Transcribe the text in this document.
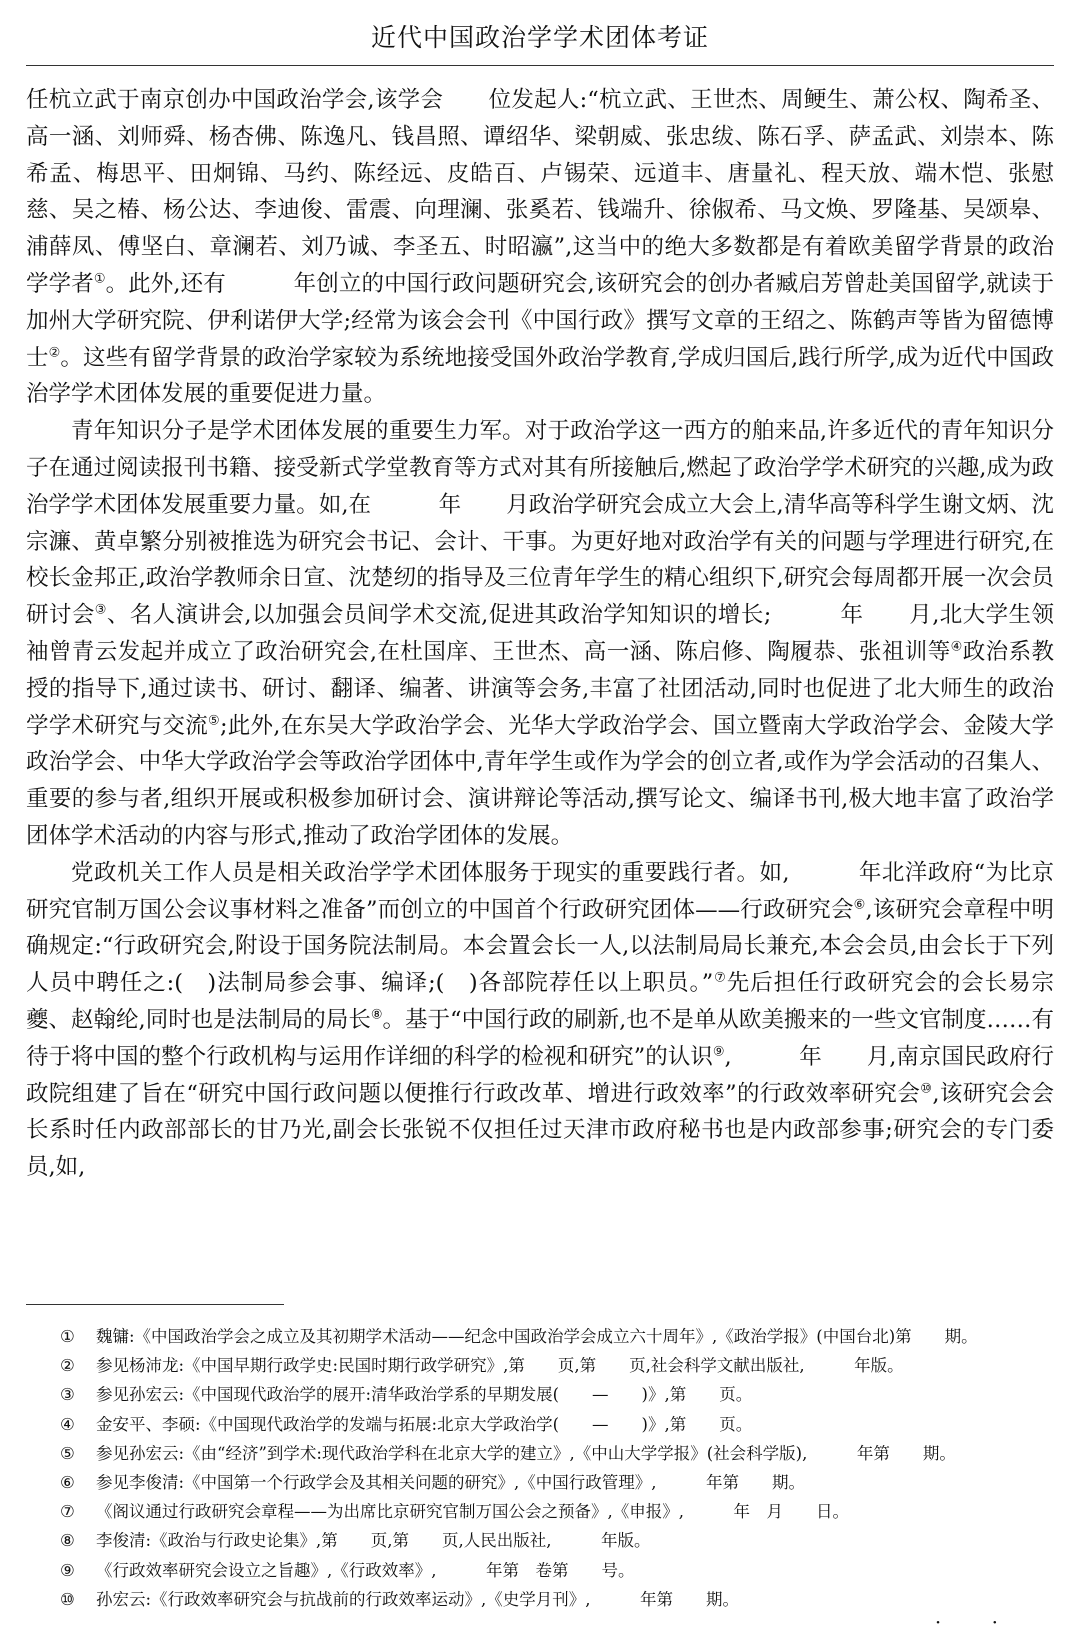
近代中国政治学学术团体考证

任杭立武于南京创办中国政治学会,该学会　　位发起人:“杭立武、王世杰、周鲠生、萧公权、陶希圣、高一涵、刘师舜、杨杏佛、陈逸凡、钱昌照、谭绍华、梁朝威、张忠绂、陈石孚、萨孟武、刘崇本、陈希孟、梅思平、田炯锦、马约、陈经远、皮皓百、卢锡荣、远道丰、唐量礼、程天放、端木恺、张慰慈、吴之椿、杨公达、李迪俊、雷震、向理澜、张奚若、钱端升、徐俶希、马文焕、罗隆基、吴颂皋、浦薛凤、傅坚白、章澜若、刘乃诚、李圣五、时昭瀛”,这当中的绝大多数都是有着欧美留学背景的政治学学者①。此外,还有　　　年创立的中国行政问题研究会,该研究会的创办者臧启芳曾赴美国留学,就读于加州大学研究院、伊利诺伊大学;经常为该会会刊《中国行政》撰写文章的王绍之、陈鹤声等皆为留德博士②。这些有留学背景的政治学家较为系统地接受国外政治学教育,学成归国后,践行所学,成为近代中国政治学学术团体发展的重要促进力量。

青年知识分子是学术团体发展的重要生力军。对于政治学这一西方的舶来品,许多近代的青年知识分子在通过阅读报刊书籍、接受新式学堂教育等方式对其有所接触后,燃起了政治学学术研究的兴趣,成为政治学学术团体发展重要力量。如,在　　　年　　月政治学研究会成立大会上,清华高等科学生谢文炳、沈宗濂、黄卓繁分别被推选为研究会书记、会计、干事。为更好地对政治学有关的问题与学理进行研究,在校长金邦正,政治学教师余日宣、沈楚纫的指导及三位青年学生的精心组织下,研究会每周都开展一次会员研讨会③、名人演讲会,以加强会员间学术交流,促进其政治学知知识的增长;　　　年　　月,北大学生领袖曾青云发起并成立了政治研究会,在杜国庠、王世杰、高一涵、陈启修、陶履恭、张祖训等④政治系教授的指导下,通过读书、研讨、翻译、编著、讲演等会务,丰富了社团活动,同时也促进了北大师生的政治学学术研究与交流⑤;此外,在东吴大学政治学会、光华大学政治学会、国立暨南大学政治学会、金陵大学政治学会、中华大学政治学会等政治学团体中,青年学生或作为学会的创立者,或作为学会活动的召集人、重要的参与者,组织开展或积极参加研讨会、演讲辩论等活动,撰写论文、编译书刊,极大地丰富了政治学团体学术活动的内容与形式,推动了政治学团体的发展。

党政机关工作人员是相关政治学学术团体服务于现实的重要践行者。如,　　　年北洋政府“为比京研究官制万国公会议事材料之准备”而创立的中国首个行政研究团体——行政研究会⑥,该研究会章程中明确规定:“行政研究会,附设于国务院法制局。本会置会长一人,以法制局局长兼充,本会会员,由会长于下列人员中聘任之:(　)法制局参会事、编译;(　)各部院荐任以上职员。”⑦先后担任行政研究会的会长易宗夔、赵翰纶,同时也是法制局的局长⑧。基于“中国行政的刷新,也不是单从欧美搬来的一些文官制度……有待于将中国的整个行政机构与运用作详细的科学的检视和研究”的认识⑨,　　　年　　月,南京国民政府行政院组建了旨在“研究中国行政问题以便推行行政改革、增进行政效率”的行政效率研究会⑩,该研究会会长系时任内政部部长的甘乃光,副会长张锐不仅担任过天津市政府秘书也是内政部参事;研究会的专门委员,如,

① 魏镛:《中国政治学会之成立及其初期学术活动——纪念中国政治学会成立六十周年》,《政治学报》(中国台北)第　　期。
② 参见杨沛龙:《中国早期行政学史:民国时期行政学研究》,第　　页,第　　页,社会科学文献出版社,　　　年版。
③ 参见孙宏云:《中国现代政治学的展开:清华政治学系的早期发展(　　—　　)》,第　　页。
④ 金安平、李硕:《中国现代政治学的发端与拓展:北京大学政治学(　　—　　)》,第　　页。
⑤ 参见孙宏云:《由“经济”到学术:现代政治学科在北京大学的建立》,《中山大学学报》(社会科学版),　　　年第　　期。
⑥ 参见李俊清:《中国第一个行政学会及其相关问题的研究》,《中国行政管理》,　　　年第　　期。
⑦ 《阁议通过行政研究会章程——为出席比京研究官制万国公会之预备》,《申报》,　　　年　月　　日。
⑧ 李俊清:《政治与行政史论集》,第　　页,第　　页,人民出版社,　　　年版。
⑨ 《行政效率研究会设立之旨趣》,《行政效率》,　　　年第　卷第　　号。
⑩ 孙宏云:《行政效率研究会与抗战前的行政效率运动》,《史学月刊》,　　　年第　　期。
· ·
